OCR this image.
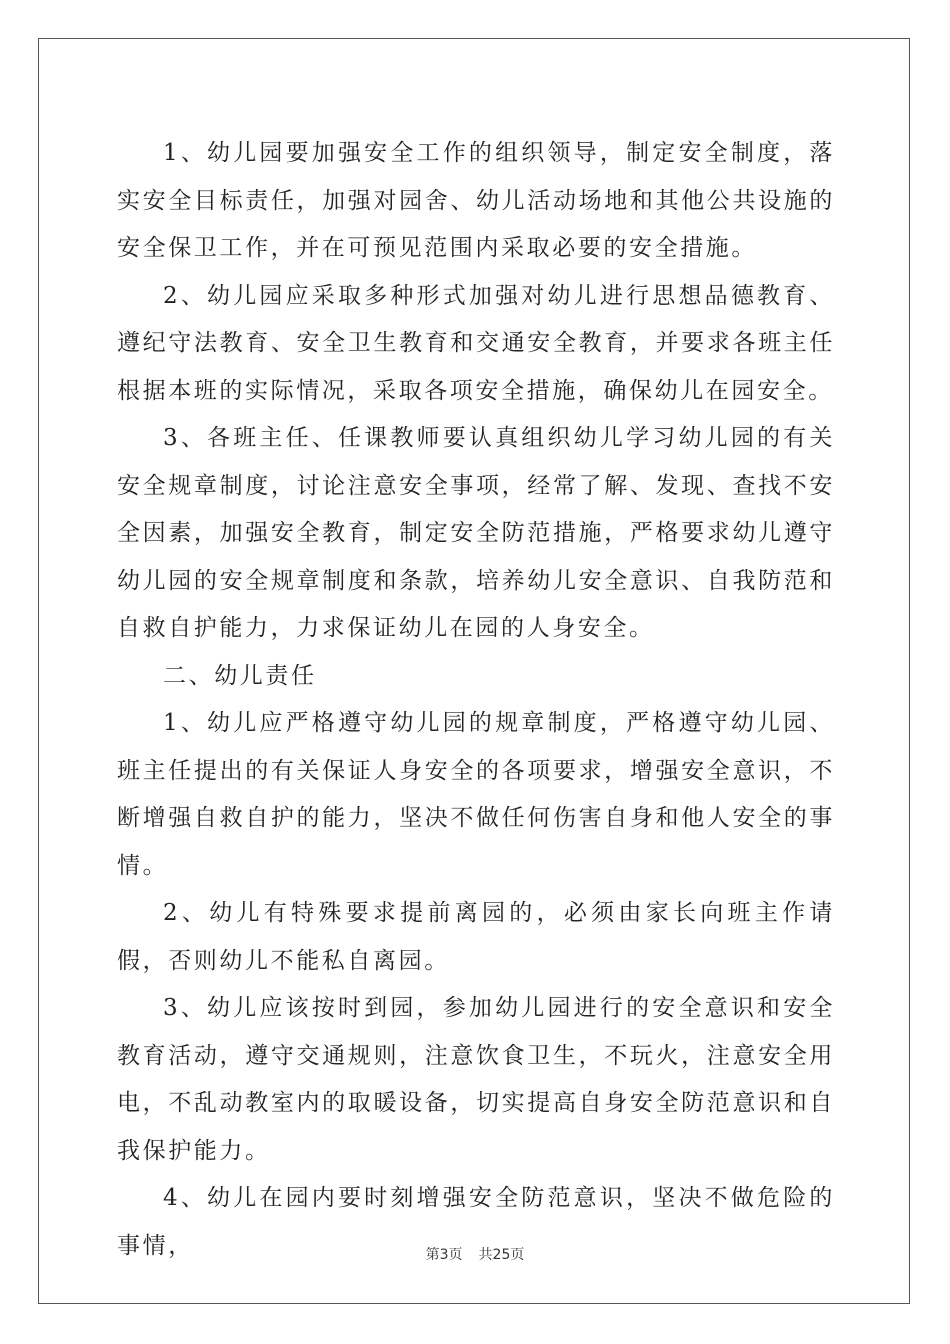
1、幼儿园要加强安全工作的组织领导，制定安全制度，落实安全目标责任，加强对园舍、幼儿活动场地和其他公共设施的安全保卫工作，并在可预见范围内采取必要的安全措施。

2、幼儿园应采取多种形式加强对幼儿进行思想品德教育、遵纪守法教育、安全卫生教育和交通安全教育，并要求各班主任根据本班的实际情况，采取各项安全措施，确保幼儿在园安全。

3、各班主任、任课教师要认真组织幼儿学习幼儿园的有关安全规章制度，讨论注意安全事项，经常了解、发现、查找不安全因素，加强安全教育，制定安全防范措施，严格要求幼儿遵守幼儿园的安全规章制度和条款，培养幼儿安全意识、自我防范和自救自护能力，力求保证幼儿在园的人身安全。

二、幼儿责任

1、幼儿应严格遵守幼儿园的规章制度，严格遵守幼儿园、班主任提出的有关保证人身安全的各项要求，增强安全意识，不断增强自救自护的能力，坚决不做任何伤害自身和他人安全的事情。

2、幼儿有特殊要求提前离园的，必须由家长向班主作请假，否则幼儿不能私自离园。

3、幼儿应该按时到园，参加幼儿园进行的安全意识和安全教育活动，遵守交通规则，注意饮食卫生，不玩火，注意安全用电，不乱动教室内的取暖设备，切实提高自身安全防范意识和自我保护能力。

4、幼儿在园内要时刻增强安全防范意识，坚决不做危险的事情，	第3页 共25页
